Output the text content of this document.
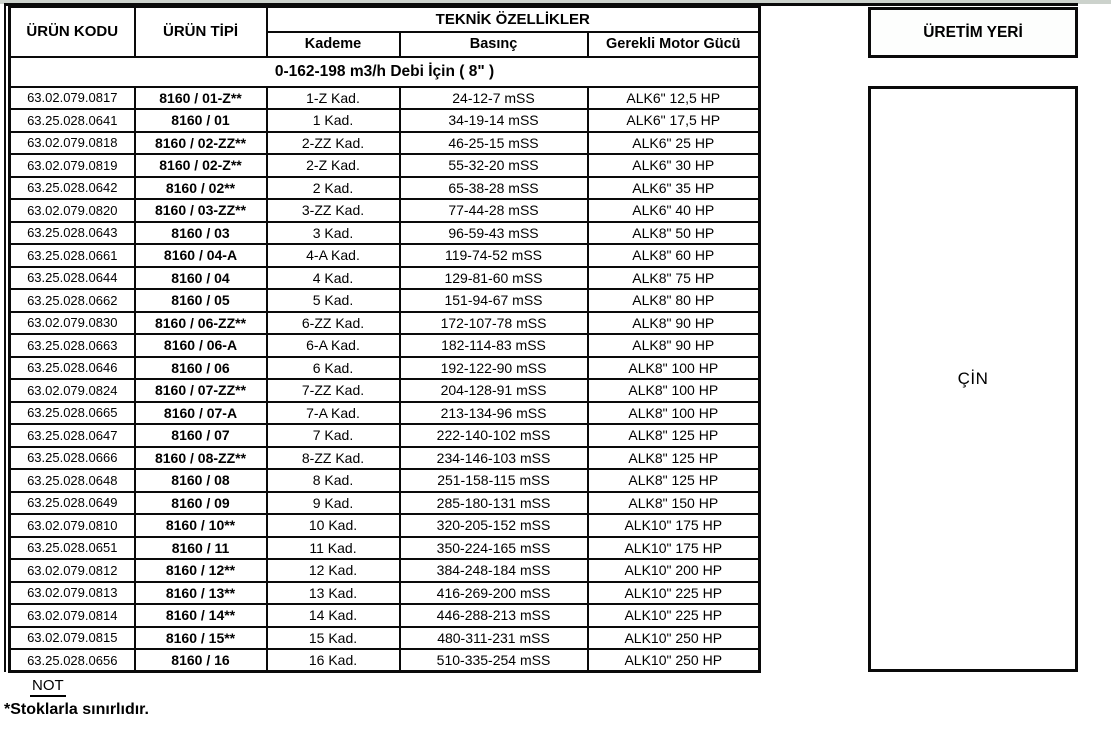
ÜRÜN KODU	ÜRÜN TİPİ	TEKNİK ÖZELLİKLER		
		Kademe	Basınç	Gerekli Motor Gücü
0-162-198 m3/h Debi İçin ( 8" )				
63.02.079.0817	8160 / 01-Z**	1-Z Kad.	24-12-7 mSS	ALK6" 12,5 HP
63.25.028.0641	8160 / 01	1 Kad.	34-19-14 mSS	ALK6" 17,5 HP
63.02.079.0818	8160 / 02-ZZ**	2-ZZ Kad.	46-25-15 mSS	ALK6" 25 HP
63.02.079.0819	8160 / 02-Z**	2-Z Kad.	55-32-20 mSS	ALK6" 30 HP
63.25.028.0642	8160 / 02**	2 Kad.	65-38-28 mSS	ALK6" 35 HP
63.02.079.0820	8160 / 03-ZZ**	3-ZZ Kad.	77-44-28 mSS	ALK6" 40 HP
63.25.028.0643	8160 / 03	3 Kad.	96-59-43 mSS	ALK8" 50 HP
63.25.028.0661	8160 / 04-A	4-A Kad.	119-74-52 mSS	ALK8" 60 HP
63.25.028.0644	8160 / 04	4 Kad.	129-81-60 mSS	ALK8" 75 HP
63.25.028.0662	8160 / 05	5 Kad.	151-94-67 mSS	ALK8" 80 HP
63.02.079.0830	8160 / 06-ZZ**	6-ZZ Kad.	172-107-78 mSS	ALK8" 90 HP
63.25.028.0663	8160 / 06-A	6-A Kad.	182-114-83 mSS	ALK8" 90 HP
63.25.028.0646	8160 / 06	6 Kad.	192-122-90 mSS	ALK8" 100 HP
63.02.079.0824	8160 / 07-ZZ**	7-ZZ Kad.	204-128-91 mSS	ALK8" 100 HP
63.25.028.0665	8160 / 07-A	7-A Kad.	213-134-96 mSS	ALK8" 100 HP
63.25.028.0647	8160 / 07	7 Kad.	222-140-102 mSS	ALK8" 125 HP
63.25.028.0666	8160 / 08-ZZ**	8-ZZ Kad.	234-146-103 mSS	ALK8" 125 HP
63.25.028.0648	8160 / 08	8 Kad.	251-158-115 mSS	ALK8" 125 HP
63.25.028.0649	8160 / 09	9 Kad.	285-180-131 mSS	ALK8" 150 HP
63.02.079.0810	8160 / 10**	10 Kad.	320-205-152 mSS	ALK10" 175 HP
63.25.028.0651	8160 / 11	11 Kad.	350-224-165 mSS	ALK10" 175 HP
63.02.079.0812	8160 / 12**	12 Kad.	384-248-184 mSS	ALK10" 200 HP
63.02.079.0813	8160 / 13**	13 Kad.	416-269-200 mSS	ALK10" 225 HP
63.02.079.0814	8160 / 14**	14 Kad.	446-288-213 mSS	ALK10" 225 HP
63.02.079.0815	8160 / 15**	15 Kad.	480-311-231 mSS	ALK10" 250 HP
63.25.028.0656	8160 / 16	16 Kad.	510-335-254 mSS	ALK10" 250 HP
ÜRETİM YERİ
ÇİN
NOT
*Stoklarla sınırlıdır.
